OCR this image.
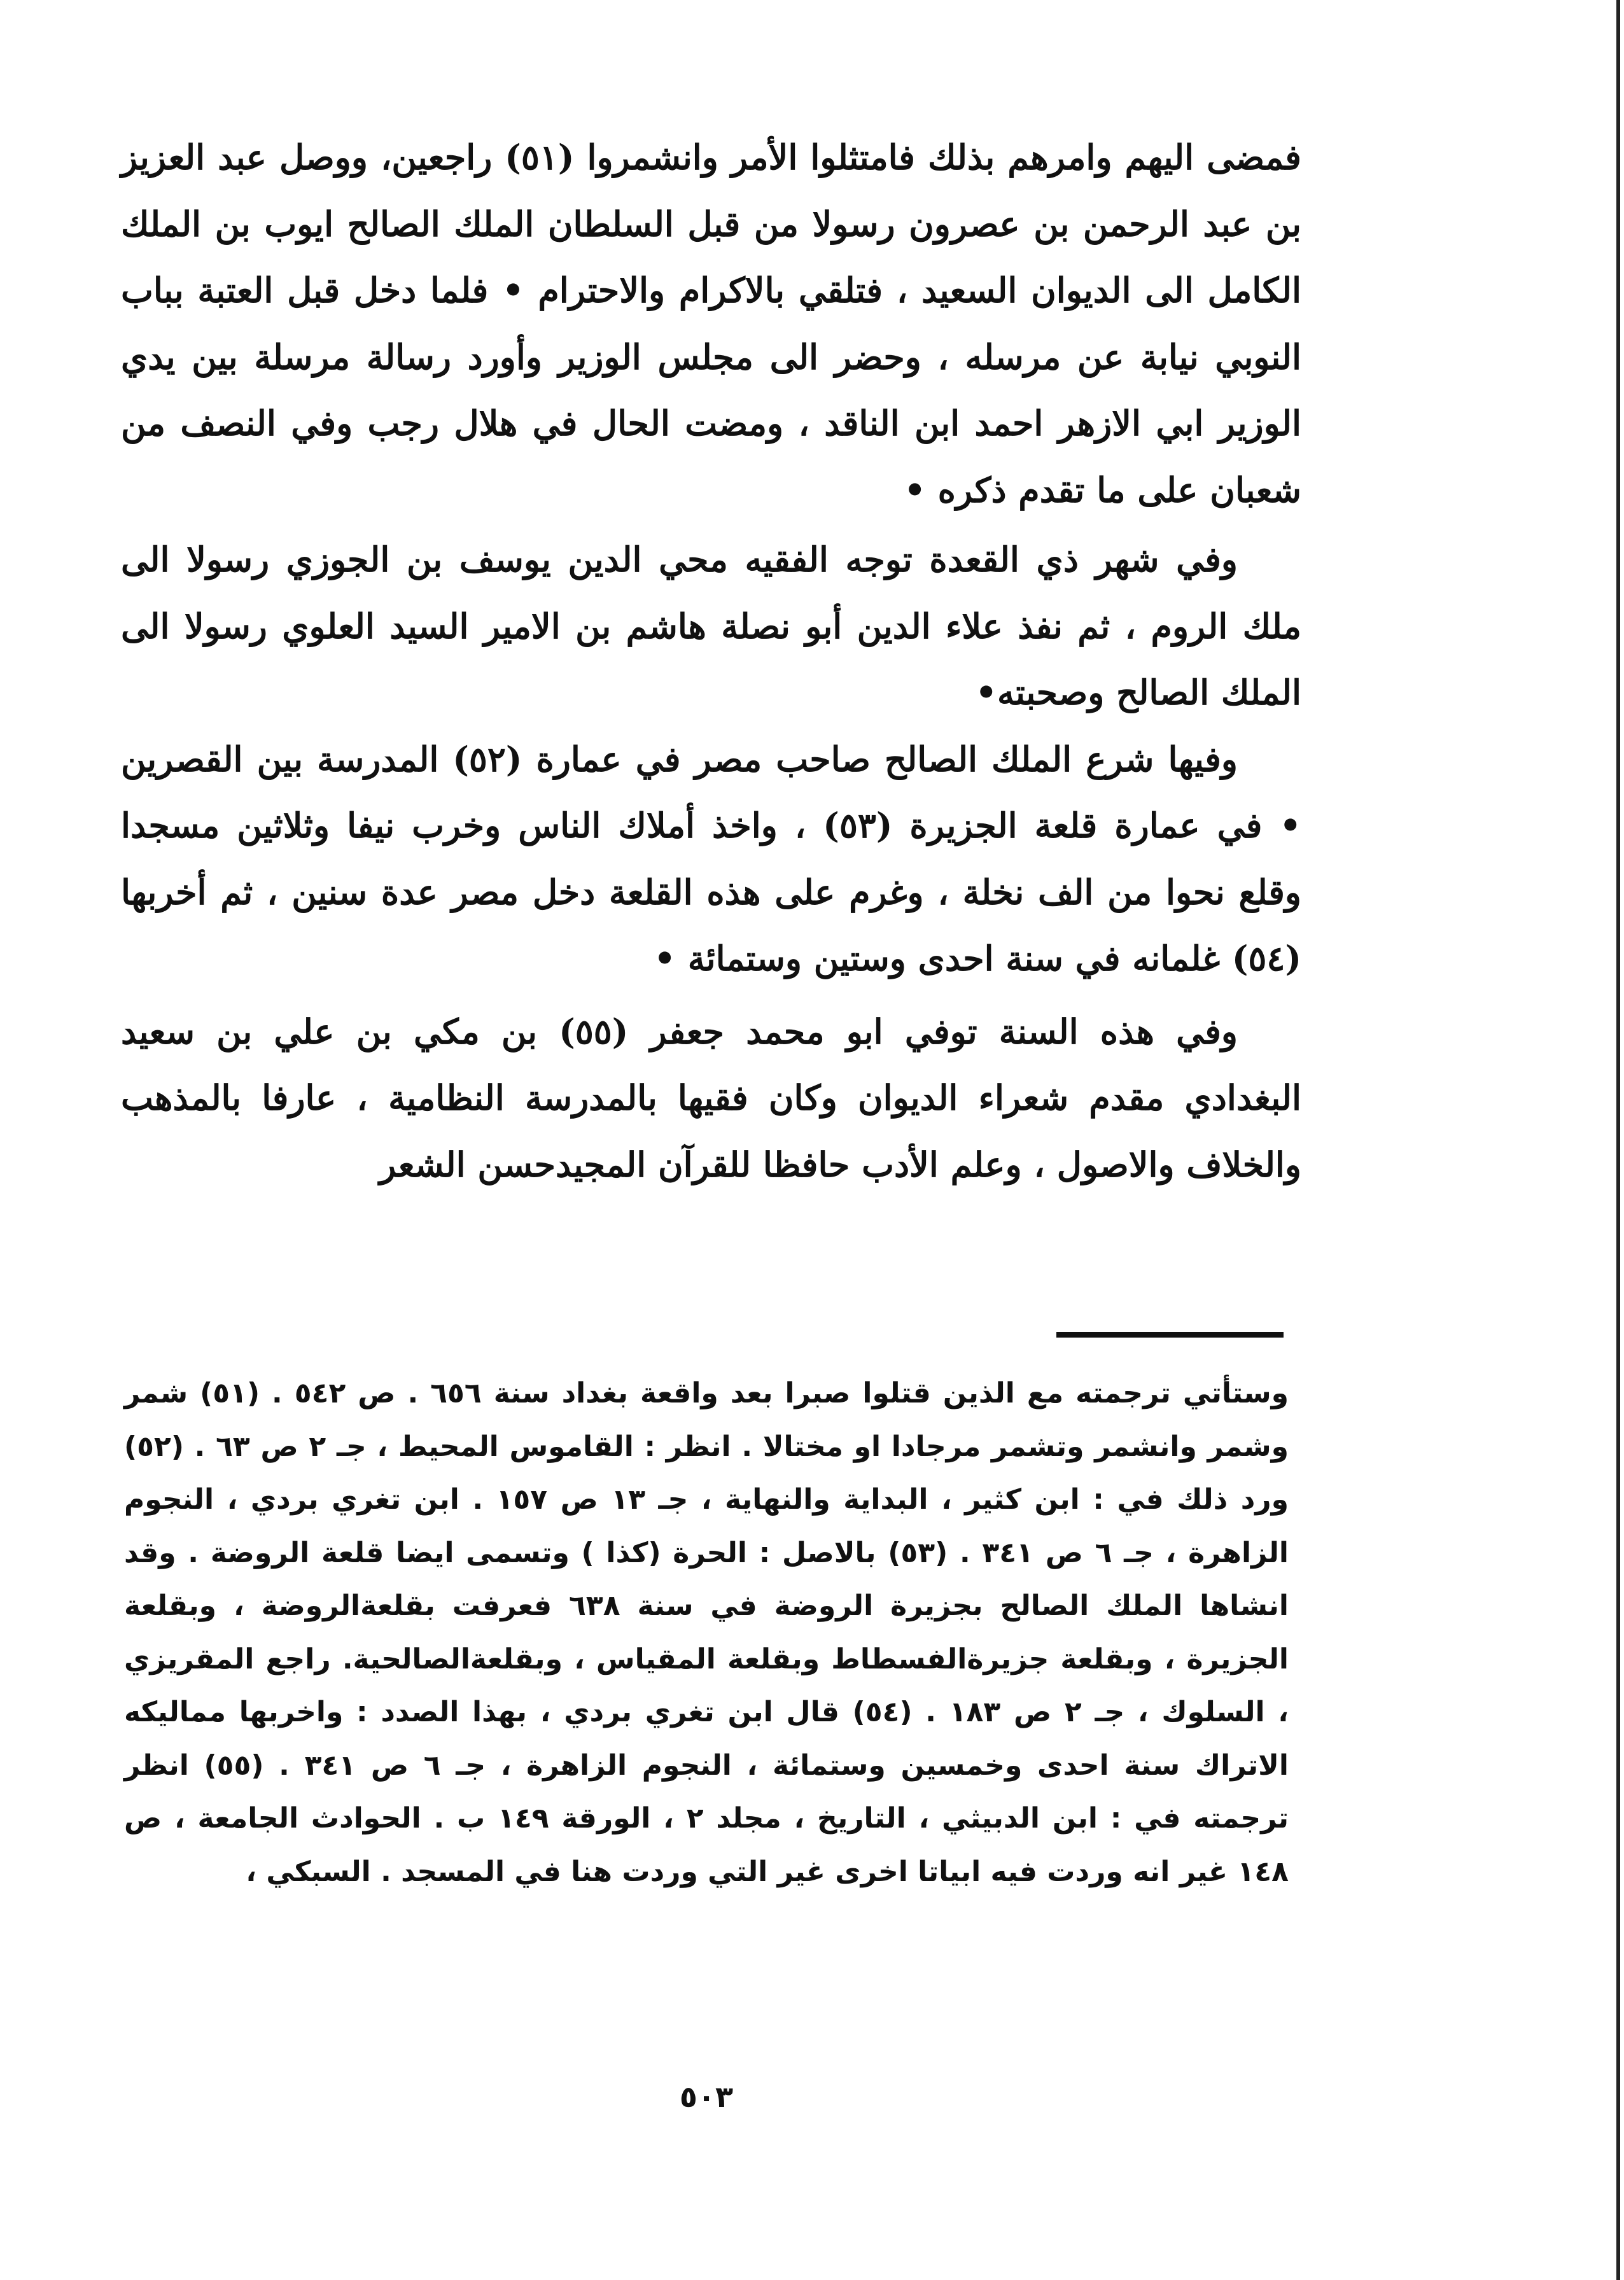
فمضى اليهم وامرهم بذلك فامتثلوا الأمر وانشمروا (٥١) راجعين، ووصل عبد العزيز بن عبد الرحمن بن عصرون رسولا من قبل السلطان الملك الصالح ايوب بن الملك الكامل الى الديوان السعيد ، فتلقي بالاكرام والاحترام • فلما دخل قبل العتبة بباب النوبي نيابة عن مرسله ، وحضر الى مجلس الوزير وأورد رسالة مرسلة بين يدي الوزير ابي الازهر احمد ابن الناقد ، ومضت الحال في هلال رجب وفي النصف من شعبان على ما تقدم ذكره •

وفي شهر ذي القعدة توجه الفقيه محي الدين يوسف بن الجوزي رسولا الى ملك الروم ، ثم نفذ علاء الدين أبو نصلة هاشم بن الامير السيد العلوي رسولا الى الملك الصالح وصحبته•

وفيها شرع الملك الصالح صاحب مصر في عمارة (٥٢) المدرسة بين القصرين • في عمارة قلعة الجزيرة (٥٣) ، واخذ أملاك الناس وخرب نيفا وثلاثين مسجدا وقلع نحوا من الف نخلة ، وغرم على هذه القلعة دخل مصر عدة سنين ، ثم أخربها (٥٤) غلمانه في سنة احدى وستين وستمائة •

وفي هذه السنة توفي ابو محمد جعفر (٥٥) بن مكي بن علي بن سعيد البغدادي مقدم شعراء الديوان وكان فقيها بالمدرسة النظامية ، عارفا بالمذهب والخلاف والاصول ، وعلم الأدب حافظا للقرآن المجيدحسن الشعر

وستأتي ترجمته مع الذين قتلوا صبرا بعد واقعة بغداد سنة ٦٥٦ . ص ٥٤٢ . (٥١) شمر وشمر وانشمر وتشمر مرجادا او مختالا . انظر : القاموس المحيط ، جـ ٢ ص ٦٣ . (٥٢) ورد ذلك في : ابن كثير ، البداية والنهاية ، جـ ١٣ ص ١٥٧ . ابن تغري بردي ، النجوم الزاهرة ، جـ ٦ ص ٣٤١ . (٥٣) بالاصل : الحرة (كذا ) وتسمى ايضا قلعة الروضة . وقد انشاها الملك الصالح بجزيرة الروضة في سنة ٦٣٨ فعرفت بقلعةالروضة ، وبقلعة الجزيرة ، وبقلعة جزيرةالفسطاط وبقلعة المقياس ، وبقلعةالصالحية. راجع المقريزي ، السلوك ، جـ ٢ ص ١٨٣ . (٥٤) قال ابن تغري بردي ، بهذا الصدد : واخربها مماليكه الاتراك سنة احدى وخمسين وستمائة ، النجوم الزاهرة ، جـ ٦ ص ٣٤١ . (٥٥) انظر ترجمته في : ابن الدبيثي ، التاريخ ، مجلد ٢ ، الورقة ١٤٩ ب . الحوادث الجامعة ، ص ١٤٨ غير انه وردت فيه ابياتا اخرى غير التي وردت هنا في المسجد . السبكي ،
٥٠٣
